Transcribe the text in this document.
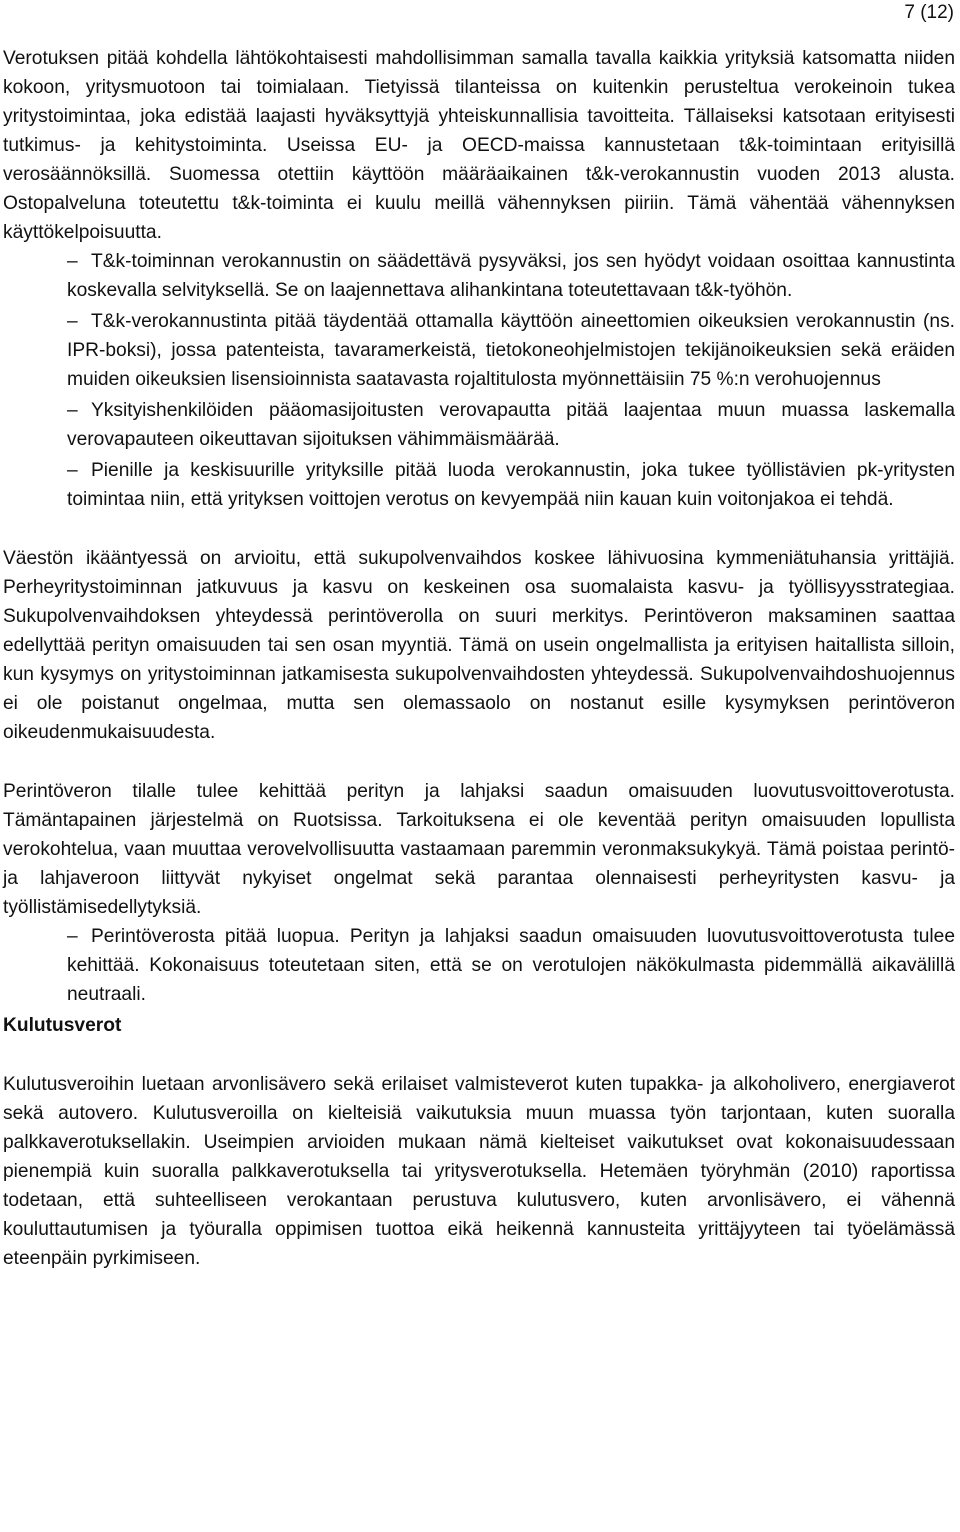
7 (12)

Verotuksen pitää kohdella lähtökohtaisesti mahdollisimman samalla tavalla kaikkia yrityksiä katsomatta niiden kokoon, yritysmuotoon tai toimialaan. Tietyissä tilanteissa on kuitenkin perusteltua verokeinoin tukea yritystoimintaa, joka edistää laajasti hyväksyttyjä yhteiskunnallisia tavoitteita. Tällaiseksi katsotaan erityisesti tutkimus- ja kehitystoiminta. Useissa EU- ja OECD-maissa kannustetaan t&k-toimintaan erityisillä verosäännöksillä. Suomessa otettiin käyttöön määräaikainen t&k-verokannustin vuoden 2013 alusta. Ostopalveluna toteutettu t&k-toiminta ei kuulu meillä vähennyksen piiriin. Tämä vähentää vähennyksen käyttökelpoisuutta.

– T&k-toiminnan verokannustin on säädettävä pysyväksi, jos sen hyödyt voidaan osoittaa kannustinta koskevalla selvityksellä. Se on laajennettava alihankintana toteutettavaan t&k-työhön.
– T&k-verokannustinta pitää täydentää ottamalla käyttöön aineettomien oikeuksien verokannustin (ns. IPR-boksi), jossa patenteista, tavaramerkeistä, tietokoneohjelmistojen tekijänoikeuksien sekä eräiden muiden oikeuksien lisensioinnista saatavasta rojaltitulosta myönnettäisiin 75 %:n verohuojennus
– Yksityishenkilöiden pääomasijoitusten verovapautta pitää laajentaa muun muassa laskemalla verovapauteen oikeuttavan sijoituksen vähimmäismäärää.
– Pienille ja keskisuurille yrityksille pitää luoda verokannustin, joka tukee työllistävien pk-yritysten toimintaa niin, että yrityksen voittojen verotus on kevyempää niin kauan kuin voitonjakoa ei tehdä.

Väestön ikääntyessä on arvioitu, että sukupolvenvaihdos koskee lähivuosina kymmeniätuhansia yrittäjiä. Perheyritystoiminnan jatkuvuus ja kasvu on keskeinen osa suomalaista kasvu- ja työllisyysstrategiaa. Sukupolvenvaihdoksen yhteydessä perintöverolla on suuri merkitys. Perintöveron maksaminen saattaa edellyttää perityn omaisuuden tai sen osan myyntiä. Tämä on usein ongelmallista ja erityisen haitallista silloin, kun kysymys on yritystoiminnan jatkamisesta sukupolvenvaihdosten yhteydessä. Sukupolvenvaihdoshuojennus ei ole poistanut ongelmaa, mutta sen olemassaolo on nostanut esille kysymyksen perintöveron oikeudenmukaisuudesta.

Perintöveron tilalle tulee kehittää perityn ja lahjaksi saadun omaisuuden luovutusvoittoverotusta. Tämäntapainen järjestelmä on Ruotsissa. Tarkoituksena ei ole keventää perityn omaisuuden lopullista verokohtelua, vaan muuttaa verovelvollisuutta vastaamaan paremmin veronmaksukykyä. Tämä poistaa perintö- ja lahjaveroon liittyvät nykyiset ongelmat sekä parantaa olennaisesti perheyritysten kasvu- ja työllistämisedellytyksiä.

– Perintöverosta pitää luopua. Perityn ja lahjaksi saadun omaisuuden luovutusvoittoverotusta tulee kehittää. Kokonaisuus toteutetaan siten, että se on verotulojen näkökulmasta pidemmällä aikavälillä neutraali.
Kulutusverot

Kulutusveroihin luetaan arvonlisävero sekä erilaiset valmisteverot kuten tupakka- ja alkoholivero, energiaverot sekä autovero. Kulutusveroilla on kielteisiä vaikutuksia muun muassa työn tarjontaan, kuten suoralla palkkaverotuksellakin. Useimpien arvioiden mukaan nämä kielteiset vaikutukset ovat kokonaisuudessaan pienempiä kuin suoralla palkkaverotuksella tai yritysverotuksella. Hetemäen työryhmän (2010) raportissa todetaan, että suhteelliseen verokantaan perustuva kulutusvero, kuten arvonlisävero, ei vähennä kouluttautumisen ja työuralla oppimisen tuottoa eikä heikennä kannusteita yrittäjyyteen tai työelämässä eteenpäin pyrkimiseen.
